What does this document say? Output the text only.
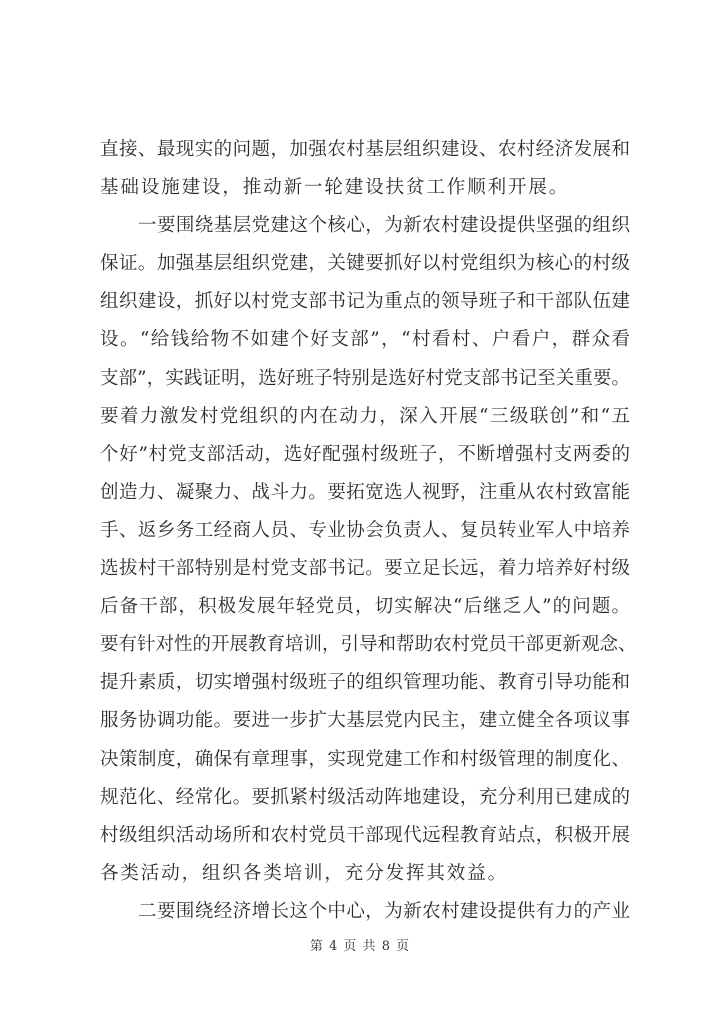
直接、最现实的问题，加强农村基层组织建设、农村经济发展和
基础设施建设，推动新一轮建设扶贫工作顺利开展。
一要围绕基层党建这个核心，为新农村建设提供坚强的组织
保证。加强基层组织党建，关键要抓好以村党组织为核心的村级
组织建设，抓好以村党支部书记为重点的领导班子和干部队伍建
设。“给钱给物不如建个好支部”，“村看村、户看户，群众看
支部”，实践证明，选好班子特别是选好村党支部书记至关重要。
要着力激发村党组织的内在动力，深入开展“三级联创”和“五
个好”村党支部活动，选好配强村级班子，不断增强村支两委的
创造力、凝聚力、战斗力。要拓宽选人视野，注重从农村致富能
手、返乡务工经商人员、专业协会负责人、复员转业军人中培养
选拔村干部特别是村党支部书记。要立足长远，着力培养好村级
后备干部，积极发展年轻党员，切实解决“后继乏人”的问题。
要有针对性的开展教育培训，引导和帮助农村党员干部更新观念、
提升素质，切实增强村级班子的组织管理功能、教育引导功能和
服务协调功能。要进一步扩大基层党内民主，建立健全各项议事
决策制度，确保有章理事，实现党建工作和村级管理的制度化、
规范化、经常化。要抓紧村级活动阵地建设，充分利用已建成的
村级组织活动场所和农村党员干部现代远程教育站点，积极开展
各类活动，组织各类培训，充分发挥其效益。
二要围绕经济增长这个中心，为新农村建设提供有力的产业
第 4 页 共 8 页
